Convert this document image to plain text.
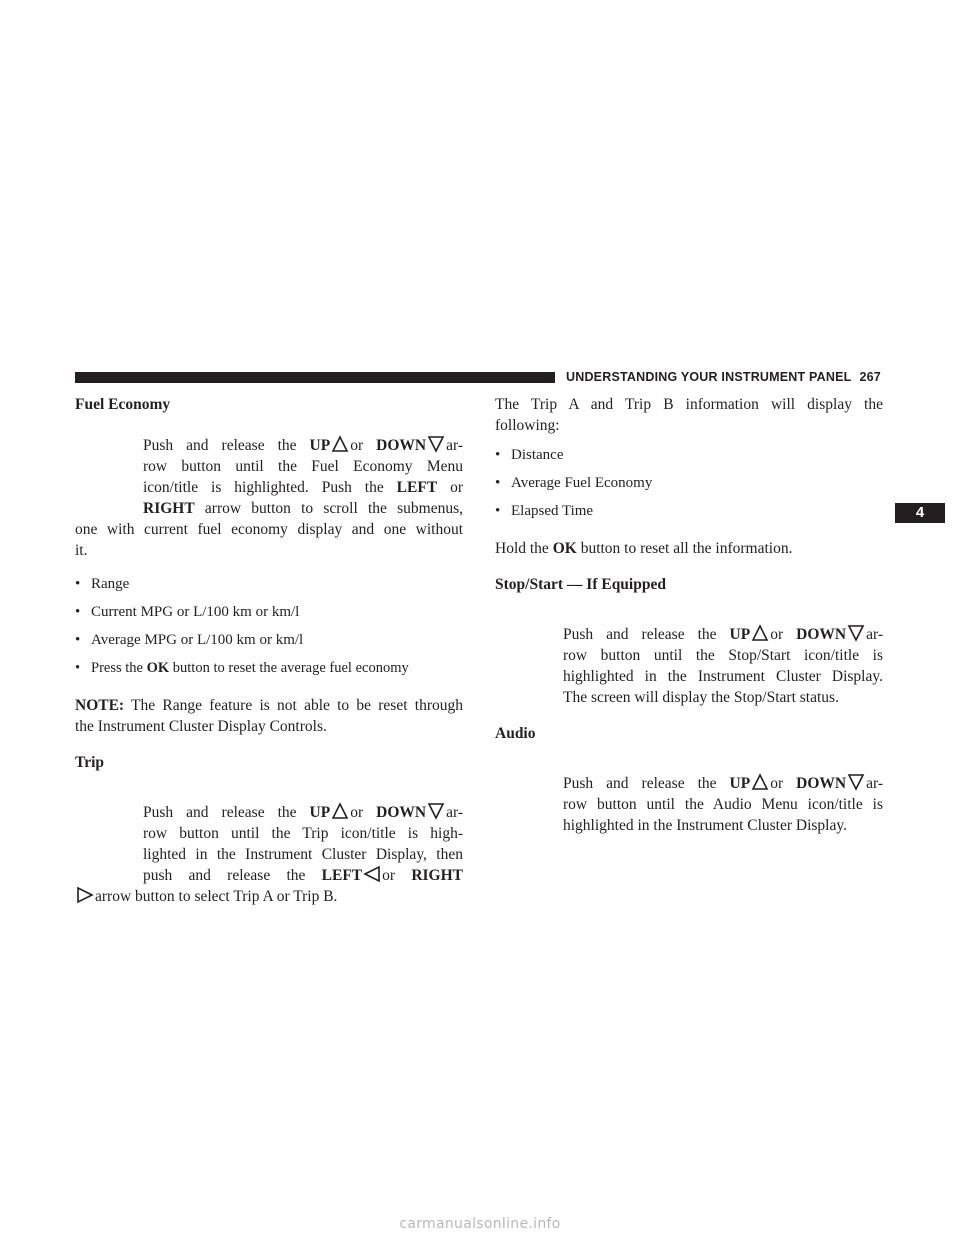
UNDERSTANDING YOUR INSTRUMENT PANEL 267
4

Fuel Economy

Push and release the UP or DOWN ar-

row button until the Fuel Economy Menu

icon/title is highlighted. Push the LEFT or

RIGHT arrow button to scroll the submenus,

one with current fuel economy display and one without

it.

• Range
• Current MPG or L/100 km or km/l
• Average MPG or L/100 km or km/l
• Press the OK button to reset the average fuel economy

NOTE: The Range feature is not able to be reset through

the Instrument Cluster Display Controls.

Trip

Push and release the UP or DOWN ar-

row button until the Trip icon/title is high-

lighted in the Instrument Cluster Display, then

push and release the LEFT or RIGHT

arrow button to select Trip A or Trip B.

The Trip A and Trip B information will display the

following:

• Distance
• Average Fuel Economy
• Elapsed Time

Hold the OK button to reset all the information.

Stop/Start — If Equipped

Push and release the UP or DOWN ar-

row button until the Stop/Start icon/title is

highlighted in the Instrument Cluster Display.

The screen will display the Stop/Start status.

Audio

Push and release the UP or DOWN ar-

row button until the Audio Menu icon/title is

highlighted in the Instrument Cluster Display.

carmanualsonline.info
